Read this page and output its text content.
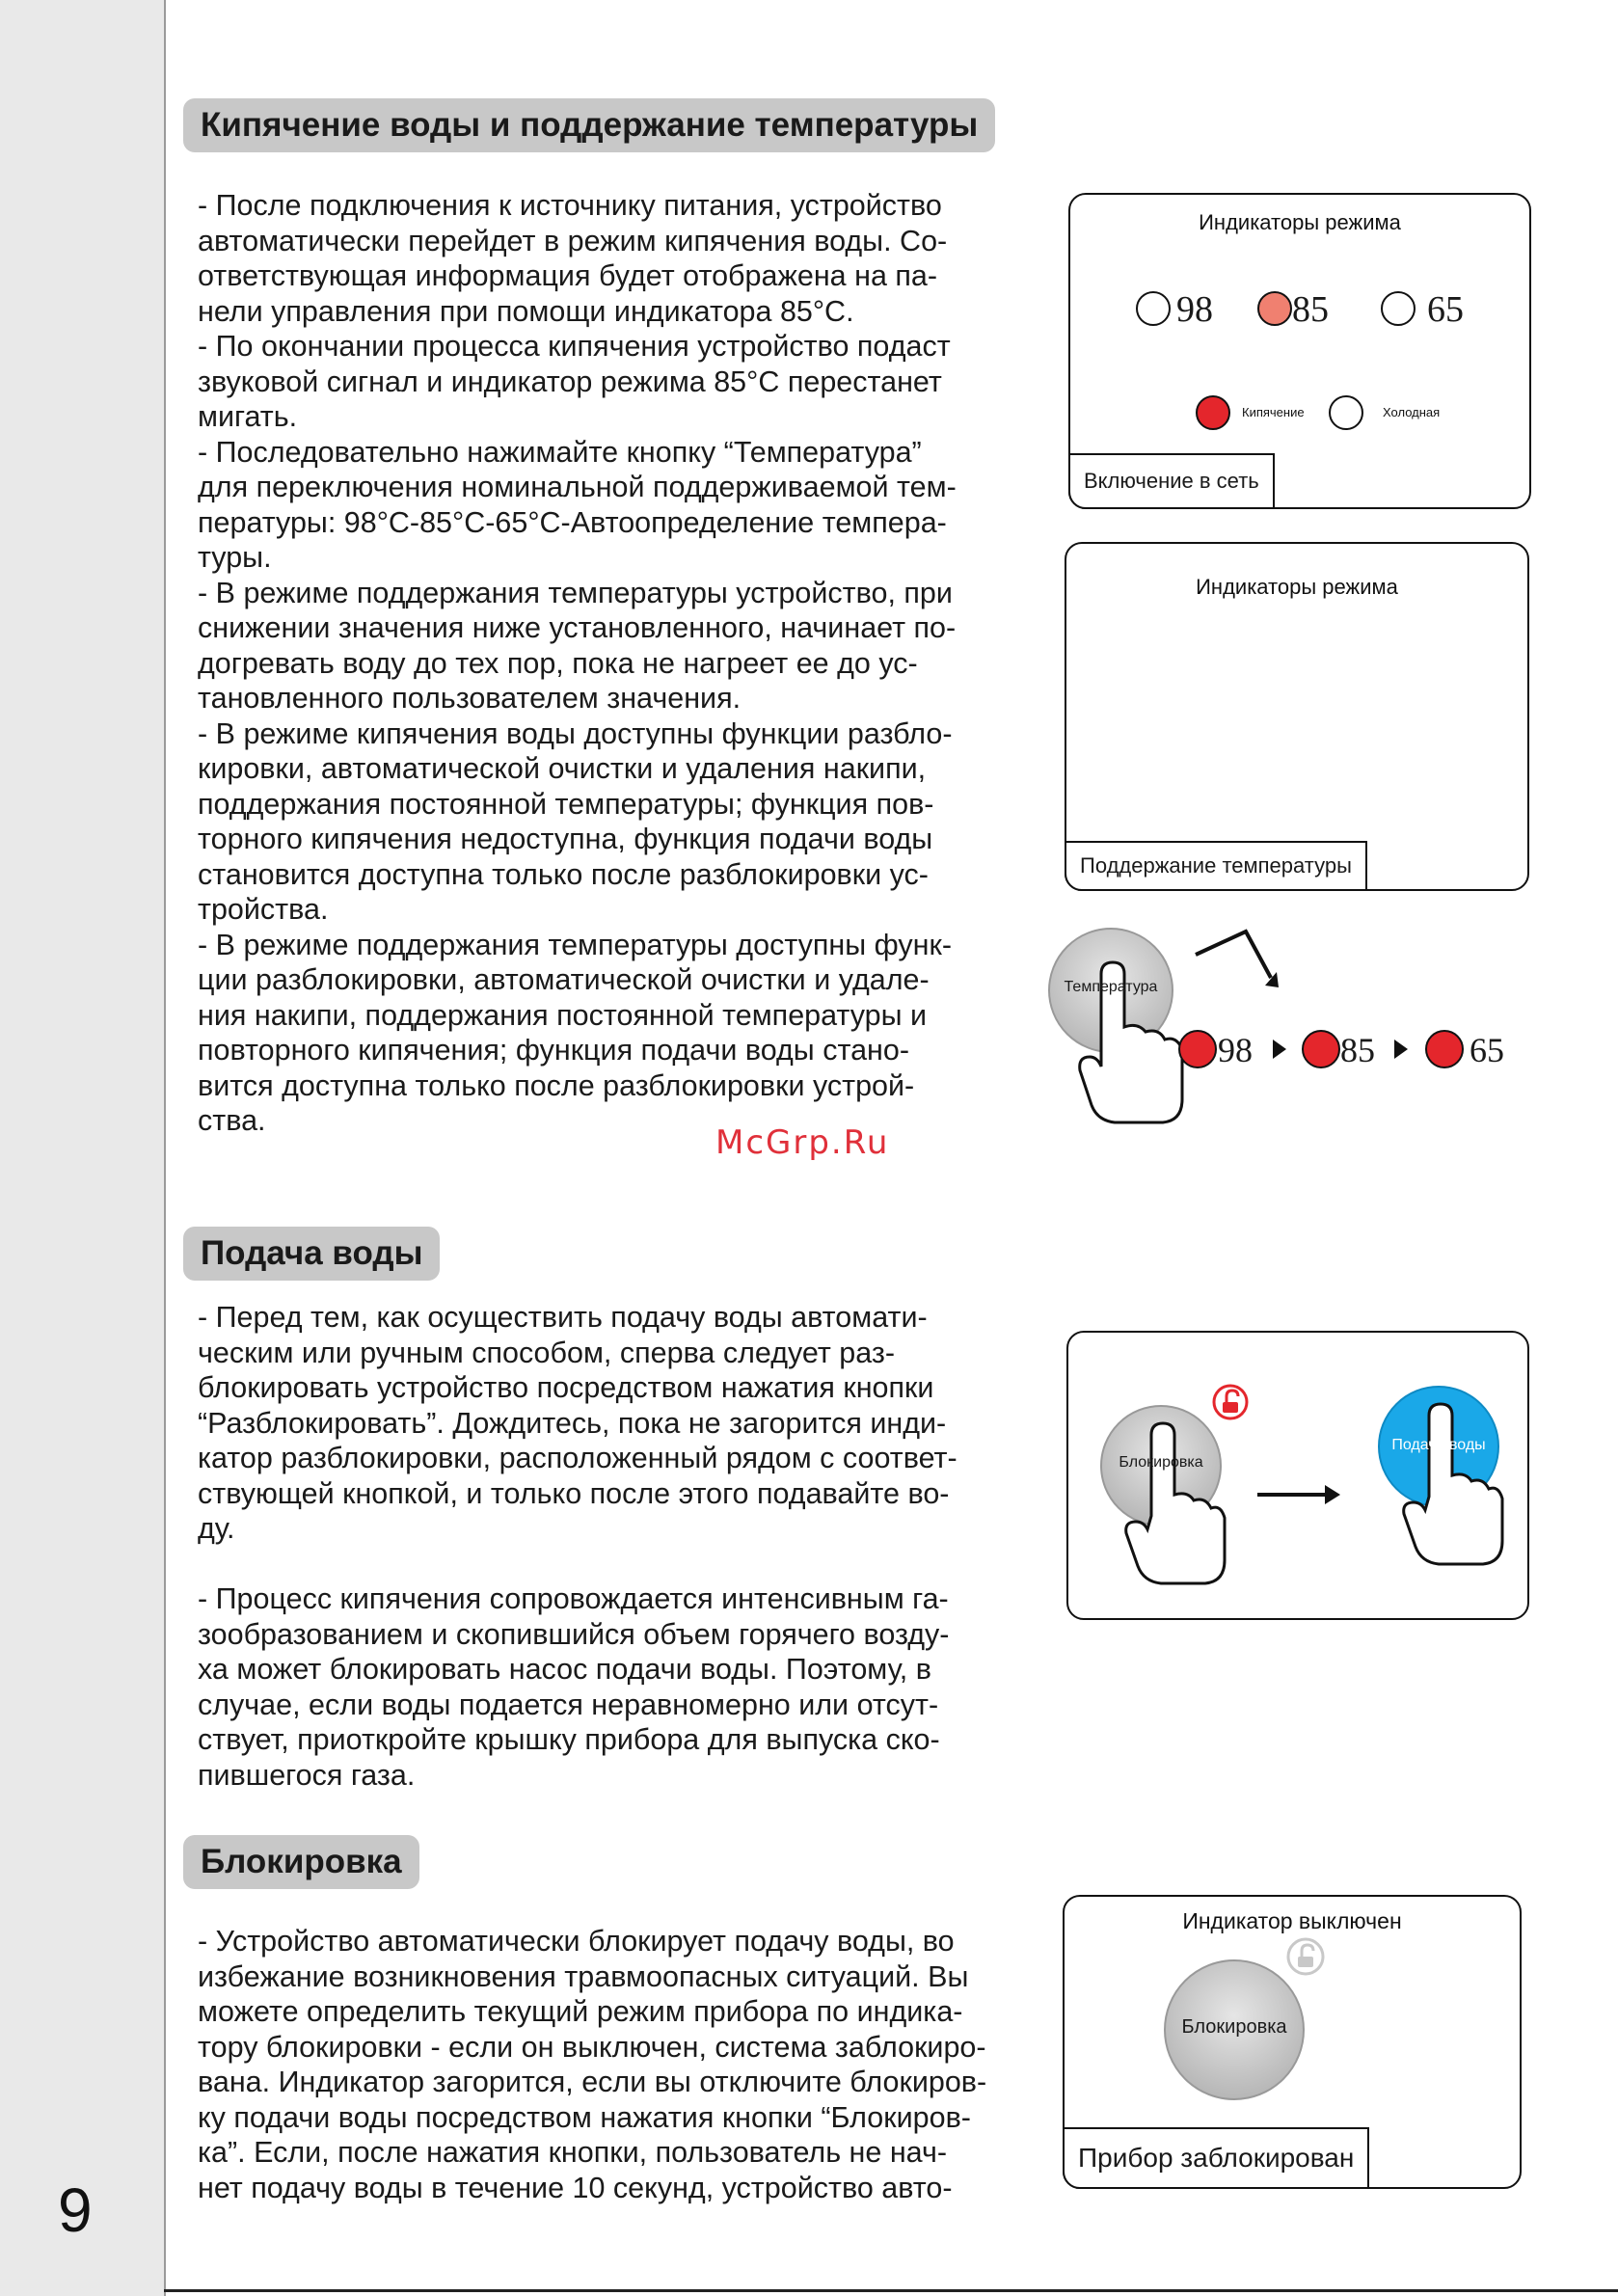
9
Кипячение воды и поддержание температуры

- После подключения к источнику питания, устройство

автоматически перейдет в режим кипячения воды. Со-

ответствующая информация будет отображена на па-

нели управления при помощи индикатора 85°С.

- По окончании процесса кипячения устройство подаст

звуковой сигнал и индикатор режима 85°С перестанет

мигать.

- Последовательно нажимайте кнопку “Температура”

для переключения номинальной поддерживаемой тем-

пературы: 98°С-85°С-65°С-Автоопределение темпера-

туры.

- В режиме поддержания температуры устройство, при

снижении значения ниже установленного, начинает по-

догревать воду до тех пор, пока не нагреет ее до ус-

тановленного пользователем значения.

- В режиме кипячения воды доступны функции разбло-

кировки, автоматической очистки и удаления накипи,

поддержания постоянной температуры; функция пов-

торного кипячения недоступна, функция подачи воды

становится доступна только после разблокировки ус-

тройства.

- В режиме поддержания температуры доступны функ-

ции разблокировки, автоматической очистки и удале-

ния накипи, поддержания постоянной температуры и

повторного кипячения; функция подачи воды стано-

вится доступна только после разблокировки устрой-

ства.

Индикаторы режима
98 85	65
Кипячение	Холодная
Включение в сеть
Индикаторы режима
Поддержание температуры
Температура
98	85	65
McGrp.Ru
Подача воды

- Перед тем, как осуществить подачу воды автомати-

ческим или ручным способом, сперва следует раз-

блокировать устройство посредством нажатия кнопки

“Разблокировать”. Дождитесь, пока не загорится инди-

катор разблокировки, расположенный рядом с соответ-

ствующей кнопкой, и только после этого подавайте во-

ду.

- Процесс кипячения сопровождается интенсивным га-

зообразованием и скопившийся объем горячего возду-

ха может блокировать насос подачи воды. Поэтому, в

случае, если воды подается неравномерно или отсут-

ствует, приоткройте крышку прибора для выпуска ско-

пившегося газа.

Блокировка
Подача воды
Блокировка

- Устройство автоматически блокирует подачу воды, во

избежание возникновения травмоопасных ситуаций. Вы

можете определить текущий режим прибора по индика-

тору блокировки - если он выключен, система заблокиро-

вана. Индикатор загорится, если вы отключите блокиров-

ку подачи воды посредством нажатия кнопки “Блокиров-

ка”. Если, после нажатия кнопки, пользователь не нач-

нет подачу воды в течение 10 секунд, устройство авто-

Индикатор выключен
Блокировка
Прибор заблокирован
